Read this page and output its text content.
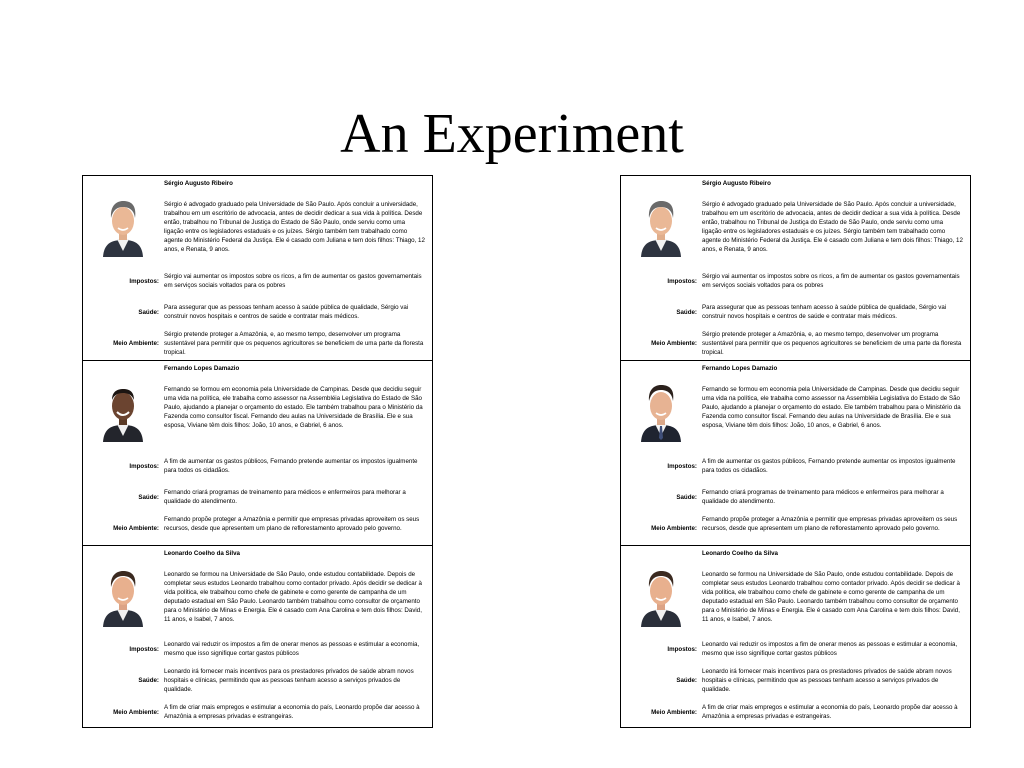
An Experiment
Sérgio Augusto Ribeiro
Sérgio é advogado graduado pela Universidade de São Paulo. Após concluir a universidade, trabalhou em um escritório de advocacia, antes de decidir dedicar a sua vida à política. Desde então, trabalhou no Tribunal de Justiça do Estado de São Paulo, onde serviu como uma ligação entre os legisladores estaduais e os juízes. Sérgio também tem trabalhado como agente do Ministério Federal da Justiça. Ele é casado com Juliana e tem dois filhos: Thiago, 12 anos, e Renata, 9 anos.
Impostos:
Sérgio vai aumentar os impostos sobre os ricos, a fim de aumentar os gastos governamentais em serviços sociais voltados para os pobres
Saúde:
Para assegurar que as pessoas tenham acesso à saúde pública de qualidade, Sérgio vai construir novos hospitais e centros de saúde e contratar mais médicos.
Meio Ambiente:
Sérgio pretende proteger a Amazônia, e, ao mesmo tempo, desenvolver um programa sustentável para permitir que os pequenos agricultores se beneficiem de uma parte da floresta tropical.
Fernando Lopes Damazio
Fernando se formou em economia pela Universidade de Campinas. Desde que decidiu seguir uma vida na política, ele trabalha como assessor na Assembléia Legislativa do Estado de São Paulo, ajudando a planejar o orçamento do estado. Ele também trabalhou para o Ministério da Fazenda como consultor fiscal. Fernando deu aulas na Universidade de Brasília. Ele e sua esposa, Viviane têm dois filhos: João, 10 anos, e Gabriel, 6 anos.
Impostos:
A fim de aumentar os gastos públicos, Fernando pretende aumentar os impostos igualmente para todos os cidadãos.
Saúde:
Fernando criará programas de treinamento para médicos e enfermeiros para melhorar a qualidade do atendimento.
Meio Ambiente:
Fernando propõe proteger a Amazônia e permitir que empresas privadas aproveitem os seus recursos, desde que apresentem um plano de reflorestamento aprovado pelo governo.
Leonardo Coelho da Silva
Leonardo se formou na Universidade de São Paulo, onde estudou contabilidade. Depois de completar seus estudos Leonardo trabalhou como contador privado. Após decidir se dedicar à vida política, ele trabalhou como chefe de gabinete e como gerente de campanha de um deputado estadual em São Paulo. Leonardo também trabalhou como consultor de orçamento para o Ministério de Minas e Energia. Ele é casado com Ana Carolina e tem dois filhos: David, 11 anos, e Isabel, 7 anos.
Impostos:
Leonardo vai reduzir os impostos a fim de onerar menos as pessoas e estimular a economia, mesmo que isso signifique cortar gastos públicos
Saúde:
Leonardo irá fornecer mais incentivos para os prestadores privados de saúde abram novos hospitais e clínicas, permitindo que as pessoas tenham acesso a serviços privados de qualidade.
Meio Ambiente:
A fim de criar mais empregos e estimular a economia do país, Leonardo propõe dar acesso à Amazônia a empresas privadas e estrangeiras.
Sérgio Augusto Ribeiro
Sérgio é advogado graduado pela Universidade de São Paulo. Após concluir a universidade, trabalhou em um escritório de advocacia, antes de decidir dedicar a sua vida à política. Desde então, trabalhou no Tribunal de Justiça do Estado de São Paulo, onde serviu como uma ligação entre os legisladores estaduais e os juízes. Sérgio também tem trabalhado como agente do Ministério Federal da Justiça. Ele é casado com Juliana e tem dois filhos: Thiago, 12 anos, e Renata, 9 anos.
Impostos:
Sérgio vai aumentar os impostos sobre os ricos, a fim de aumentar os gastos governamentais em serviços sociais voltados para os pobres
Saúde:
Para assegurar que as pessoas tenham acesso à saúde pública de qualidade, Sérgio vai construir novos hospitais e centros de saúde e contratar mais médicos.
Meio Ambiente:
Sérgio pretende proteger a Amazônia, e, ao mesmo tempo, desenvolver um programa sustentável para permitir que os pequenos agricultores se beneficiem de uma parte da floresta tropical.
Fernando Lopes Damazio
Fernando se formou em economia pela Universidade de Campinas. Desde que decidiu seguir uma vida na política, ele trabalha como assessor na Assembléia Legislativa do Estado de São Paulo, ajudando a planejar o orçamento do estado. Ele também trabalhou para o Ministério da Fazenda como consultor fiscal. Fernando deu aulas na Universidade de Brasília. Ele e sua esposa, Viviane têm dois filhos: João, 10 anos, e Gabriel, 6 anos.
Impostos:
A fim de aumentar os gastos públicos, Fernando pretende aumentar os impostos igualmente para todos os cidadãos.
Saúde:
Fernando criará programas de treinamento para médicos e enfermeiros para melhorar a qualidade do atendimento.
Meio Ambiente:
Fernando propõe proteger a Amazônia e permitir que empresas privadas aproveitem os seus recursos, desde que apresentem um plano de reflorestamento aprovado pelo governo.
Leonardo Coelho da Silva
Leonardo se formou na Universidade de São Paulo, onde estudou contabilidade. Depois de completar seus estudos Leonardo trabalhou como contador privado. Após decidir se dedicar à vida política, ele trabalhou como chefe de gabinete e como gerente de campanha de um deputado estadual em São Paulo. Leonardo também trabalhou como consultor de orçamento para o Ministério de Minas e Energia. Ele é casado com Ana Carolina e tem dois filhos: David, 11 anos, e Isabel, 7 anos.
Impostos:
Leonardo vai reduzir os impostos a fim de onerar menos as pessoas e estimular a economia, mesmo que isso signifique cortar gastos públicos
Saúde:
Leonardo irá fornecer mais incentivos para os prestadores privados de saúde abram novos hospitais e clínicas, permitindo que as pessoas tenham acesso a serviços privados de qualidade.
Meio Ambiente:
A fim de criar mais empregos e estimular a economia do país, Leonardo propõe dar acesso à Amazônia a empresas privadas e estrangeiras.
